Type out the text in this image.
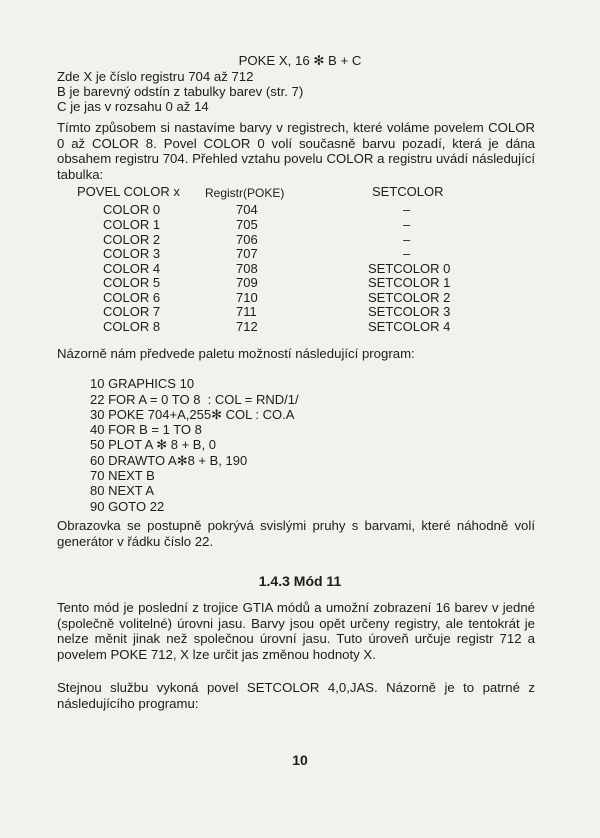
POKE X, 16 ✻ B + C
Zde X je číslo registru 704 až 712
B je barevný odstín z tabulky barev (str. 7)
C je jas v rozsahu 0 až 14

Tímto způsobem si nastavíme barvy v registrech, které voláme povelem COLOR 0 až COLOR 8. Povel COLOR 0 volí současně barvu pozadí, která je dána obsahem registru 704. Přehled vztahu povelu COLOR a registru uvádí následující tabulka:

POVEL COLOR x Registr(POKE)	SETCOLOR
COLOR 0	704	–
COLOR 1	705	–
COLOR 2	706	–
COLOR 3	707	–
COLOR 4	708	SETCOLOR 0
COLOR 5	709	SETCOLOR 1
COLOR 6	710	SETCOLOR 2
COLOR 7	711	SETCOLOR 3
COLOR 8	712	SETCOLOR 4
Názorně nám předvede paletu možností následující program:
10 GRAPHICS 10
22 FOR A = 0 TO 8  : COL = RND/1/
30 POKE 704+A,255✻ COL : CO.A
40 FOR B = 1 TO 8
50 PLOT A ✻ 8 + B, 0
60 DRAWTO A✻8 + B, 190
70 NEXT B
80 NEXT A
90 GOTO 22

Obrazovka se postupně pokrývá svislými pruhy s barvami, které náhodně volí generátor v řádku číslo 22.

1.4.3 Mód 11

Tento mód je poslední z trojice GTIA módů a umožní zobrazení 16 barev v jedné (společně volitelné) úrovni jasu. Barvy jsou opět určeny registry, ale tentokrát je nelze měnit jinak než společnou úrovní jasu. Tuto úroveň určuje registr 712 a povelem POKE 712, X lze určit jas změnou hodnoty X.

Stejnou službu vykoná povel SETCOLOR 4,0,JAS. Názorně je to patrné z následujícího programu:

10
